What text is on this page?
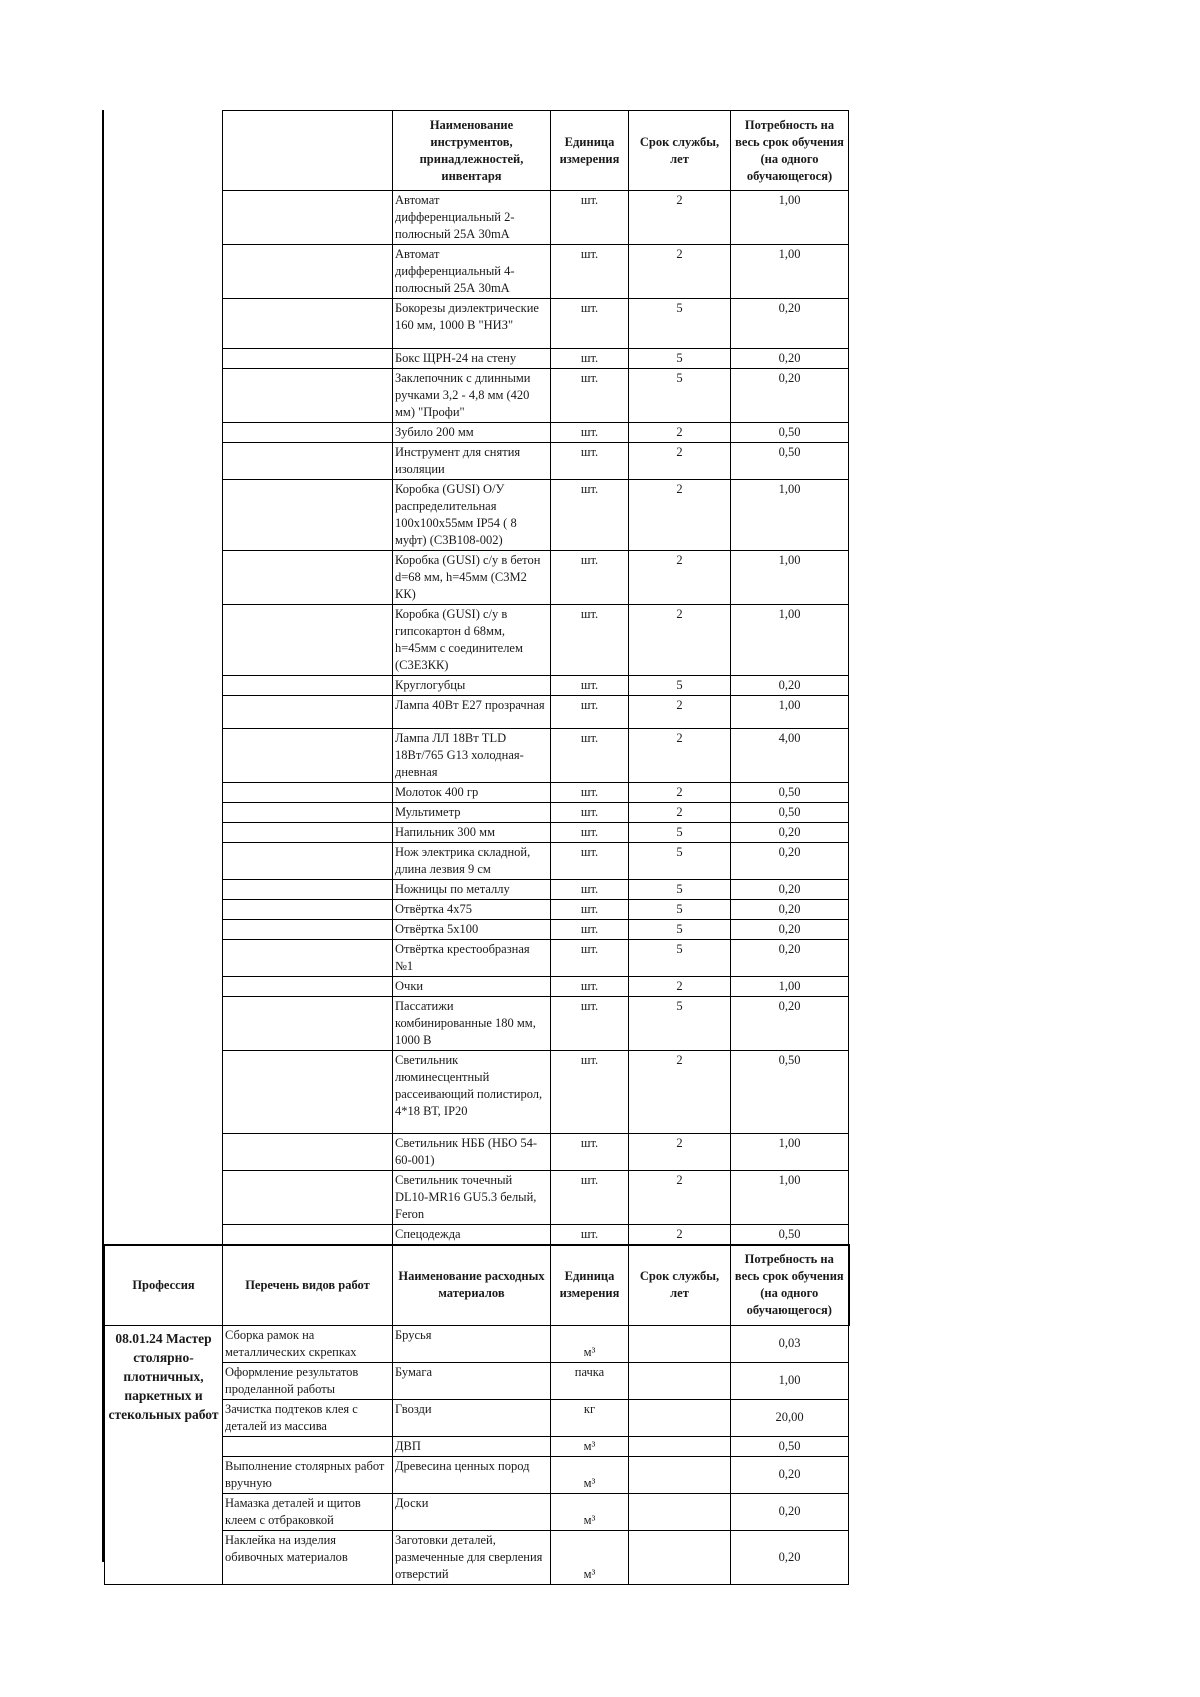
		Наименование инструментов, принадлежностей, инвентаря	Единица измерения	Срок службы, лет	Потребность на весь срок обучения (на одного обучающегося)
		Автомат дифференциальный 2-полюсный 25А 30mA	шт.	2	1,00
		Автомат дифференциальный 4-полюсный 25А 30mA	шт.	2	1,00
		Бокорезы диэлектрические 160 мм, 1000 В "НИЗ"	шт.	5	0,20
		Бокс ЩРН-24 на стену	шт.	5	0,20
		Заклепочник с длинными ручками 3,2 - 4,8 мм (420 мм) "Профи"	шт.	5	0,20
		Зубило 200 мм	шт.	2	0,50
		Инструмент для снятия изоляции	шт.	2	0,50
		Коробка (GUSI) О/У распределительная 100х100х55мм IP54 ( 8 муфт) (С3В108-002)	шт.	2	1,00
		Коробка (GUSI) с/у в бетон d=68 мм, h=45мм (С3М2 КК)	шт.	2	1,00
		Коробка (GUSI) с/у в гипсокартон d 68мм, h=45мм с соединителем (С3Е3КК)	шт.	2	1,00
		Круглогубцы	шт.	5	0,20
		Лампа 40Вт Е27 прозрачная	шт.	2	1,00
		Лампа ЛЛ 18Вт TLD 18Вт/765 G13 холодная-дневная	шт.	2	4,00
		Молоток 400 гр	шт.	2	0,50
		Мультиметр	шт.	2	0,50
		Напильник 300 мм	шт.	5	0,20
		Нож электрика складной, длина лезвия 9 см	шт.	5	0,20
		Ножницы по металлу	шт.	5	0,20
		Отвёртка 4х75	шт.	5	0,20
		Отвёртка 5х100	шт.	5	0,20
		Отвёртка крестообразная №1	шт.	5	0,20
		Очки	шт.	2	1,00
		Пассатижи комбинированные 180 мм, 1000 В	шт.	5	0,20
		Светильник люминесцентный рассеивающий полистирол, 4*18 ВТ, IP20	шт.	2	0,50
		Светильник НББ (НБО 54-60-001)	шт.	2	1,00
		Светильник точечный DL10-MR16 GU5.3 белый, Feron	шт.	2	1,00
		Спецодежда	шт.	2	0,50
Профессия	Перечень видов работ	Наименование расходных материалов	Единица измерения	Срок службы, лет	Потребность на весь срок обучения (на одного обучающегося)
08.01.24 Мастер столярно-плотничных, паркетных и стекольных работ	Сборка рамок на металлических скрепках	Брусья	м³		0,03
	Оформление результатов проделанной работы	Бумага	пачка		1,00
	Зачистка подтеков клея с деталей из массива	Гвозди	кг		20,00
		ДВП	м³		0,50
	Выполнение столярных работ вручную	Древесина ценных пород	м³		0,20
	Намазка деталей и щитов клеем с отбраковкой	Доски	м³		0,20
	Наклейка на изделия обивочных материалов	Заготовки деталей, размеченные для сверления отверстий	м³		0,20
